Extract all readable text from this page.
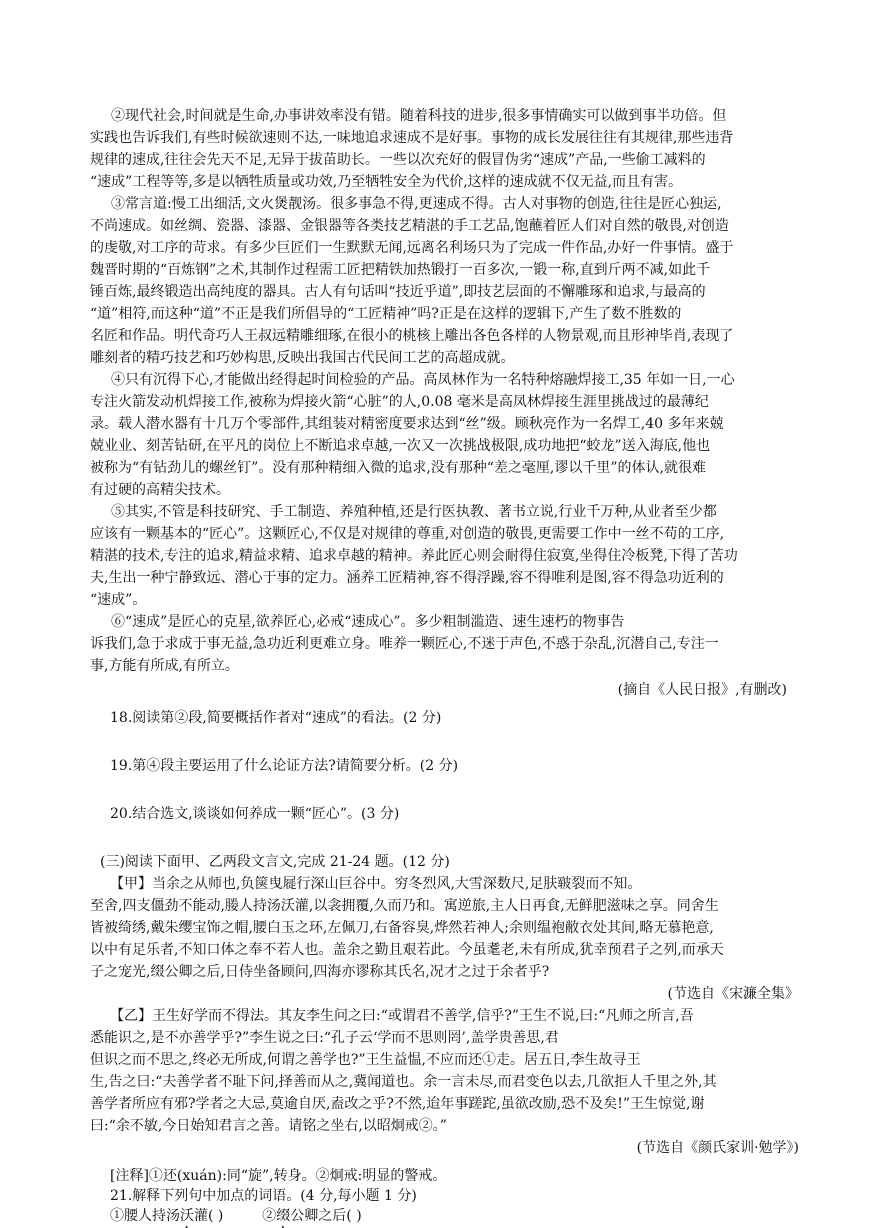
②现代社会,时间就是生命,办事讲效率没有错。随着科技的进步,很多事情确实可以做到事半功倍。但

实践也告诉我们,有些时候欲速则不达,一味地追求速成不是好事。事物的成长发展往往有其规律,那些违背

规律的速成,往往会先天不足,无异于拔苗助长。一些以次充好的假冒伪劣“速成”产品,一些偷工减料的

“速成”工程等等,多是以牺牲质量或功效,乃至牺牲安全为代价,这样的速成就不仅无益,而且有害。

③常言道:慢工出细活,文火煲靓汤。很多事急不得,更速成不得。古人对事物的创造,往往是匠心独运,

不尚速成。如丝绸、瓷器、漆器、金银器等各类技艺精湛的手工艺品,饱蘸着匠人们对自然的敬畏,对创造

的虔敬,对工序的苛求。有多少巨匠们一生默默无闻,远离名利场只为了完成一件作品,办好一件事情。盛于

魏晋时期的“百炼钢”之术,其制作过程需工匠把精铁加热锻打一百多次,一锻一称,直到斤两不减,如此千

锤百炼,最终锻造出高纯度的器具。古人有句话叫“技近乎道”,即技艺层面的不懈雕琢和追求,与最高的

“道”相符,而这种“道”不正是我们所倡导的“工匠精神”吗?正是在这样的逻辑下,产生了数不胜数的

名匠和作品。明代奇巧人王叔远精雕细琢,在很小的桃核上雕出各色各样的人物景观,而且形神毕肖,表现了

雕刻者的精巧技艺和巧妙构思,反映出我国古代民间工艺的高超成就。

④只有沉得下心,才能做出经得起时间检验的产品。高凤林作为一名特种熔融焊接工,35 年如一日,一心

专注火箭发动机焊接工作,被称为焊接火箭“心脏”的人,0.08 毫米是高凤林焊接生涯里挑战过的最薄纪

录。载人潜水器有十几万个零部件,其组装对精密度要求达到“丝”级。顾秋亮作为一名焊工,40 多年来兢

兢业业、刻苦钻研,在平凡的岗位上不断追求卓越,一次又一次挑战极限,成功地把“蛟龙”送入海底,他也

被称为“有钻劲儿的螺丝钉”。没有那种精细入微的追求,没有那种“差之毫厘,谬以千里”的体认,就很难

有过硬的高精尖技术。

⑤其实,不管是科技研究、手工制造、养殖种植,还是行医执教、著书立说,行业千万种,从业者至少都

应该有一颗基本的“匠心”。这颗匠心,不仅是对规律的尊重,对创造的敬畏,更需要工作中一丝不苟的工序,

精湛的技术,专注的追求,精益求精、追求卓越的精神。养此匠心则会耐得住寂寞,坐得住冷板凳,下得了苦功

夫,生出一种宁静致远、潜心于事的定力。涵养工匠精神,容不得浮躁,容不得唯利是图,容不得急功近利的

“速成”。

⑥“速成”是匠心的克星,欲养匠心,必戒“速成心”。多少粗制滥造、速生速朽的物事告

诉我们,急于求成于事无益,急功近利更难立身。唯养一颗匠心,不迷于声色,不惑于杂乱,沉潜自己,专注一

事,方能有所成,有所立。

(摘自《人民日报》,有删改)

18.阅读第②段,简要概括作者对“速成”的看法。(2 分)

19.第④段主要运用了什么论证方法?请简要分析。(2 分)

20.结合选文,谈谈如何养成一颗“匠心”。(3 分)

(三)阅读下面甲、乙两段文言文,完成 21-24 题。(12 分)

【甲】当余之从师也,负箧曳屣行深山巨谷中。穷冬烈风,大雪深数尺,足肤皲裂而不知。

至舍,四支僵劲不能动,媵人持汤沃灌,以衾拥覆,久而乃和。寓逆旅,主人日再食,无鲜肥滋味之享。同舍生

皆被绮绣,戴朱缨宝饰之帽,腰白玉之环,左佩刀,右备容臭,烨然若神人;余则缊袍敝衣处其间,略无慕艳意,

以中有足乐者,不知口体之奉不若人也。盖余之勤且艰若此。今虽耄老,未有所成,犹幸预君子之列,而承天

子之宠光,缀公卿之后,日侍坐备顾问,四海亦谬称其氏名,况才之过于余者乎?

(节选自《宋濂全集》

【乙】王生好学而不得法。其友李生问之曰:“或谓君不善学,信乎?”王生不说,曰:“凡师之所言,吾

悉能识之,是不亦善学乎?”李生说之曰:“孔子云‘学而不思则罔’,盖学贵善思,君

但识之而不思之,终必无所成,何谓之善学也?”王生益愠,不应而还①走。居五日,李生故寻王

生,告之曰:“夫善学者不耻下问,择善而从之,冀闻道也。余一言未尽,而君变色以去,几欲拒人千里之外,其

善学者所应有邪?学者之大忌,莫逾自厌,盍改之乎?不然,迨年事蹉跎,虽欲改励,恐不及矣!”王生惊觉,谢

曰:“余不敏,今日始知君言之善。请铭之坐右,以昭炯戒②。”

(节选自《颜氏家训·勉学》)

[注释]①还(xuán):同“旋”,转身。②炯戒:明显的警戒。

21.解释下列句中加点的词语。(4 分,每小题 1 分)

①腰人持汤沃灌( )	②缀公卿之后( )
